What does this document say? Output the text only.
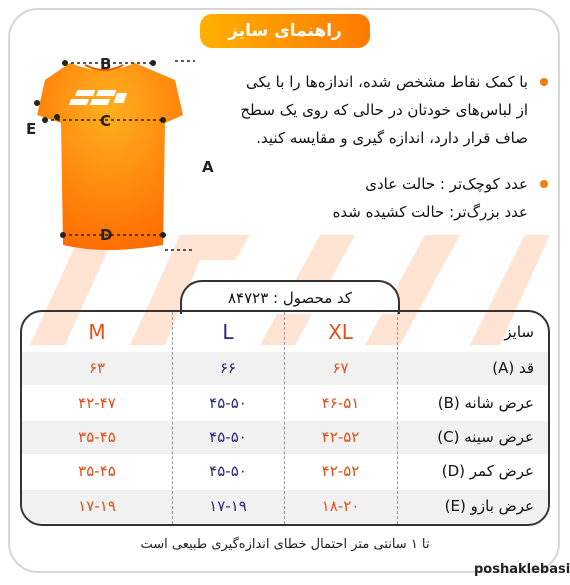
راهنمای سایز
B
C
D
A
E
با کمک نقاط مشخص شده، اندازه‌ها را با یکی از لباس‌های خودتان در حالی که روی یک سطح صاف قرار دارد، اندازه گیری و مقایسه کنید.
عدد کوچک‌تر : حالت عادی
عدد بزرگ‌تر: حالت کشیده شده
کد محصول : ۸۴۷۲۳
سایز
XL
L
M
قد (A)
۶۷
۶۶
۶۳
عرض شانه (B)
۴۶-۵۱
۴۵-۵۰
۴۲-۴۷
عرض سینه (C)
۴۲-۵۲
۴۵-۵۰
۳۵-۴۵
عرض کمر (D)
۴۲-۵۲
۴۵-۵۰
۳۵-۴۵
عرض بازو (E)
۱۸-۲۰
۱۷-۱۹
۱۷-۱۹
تا ۱ سانتی متر احتمال خطای اندازه‌گیری طبیعی است
poshaklebasi
